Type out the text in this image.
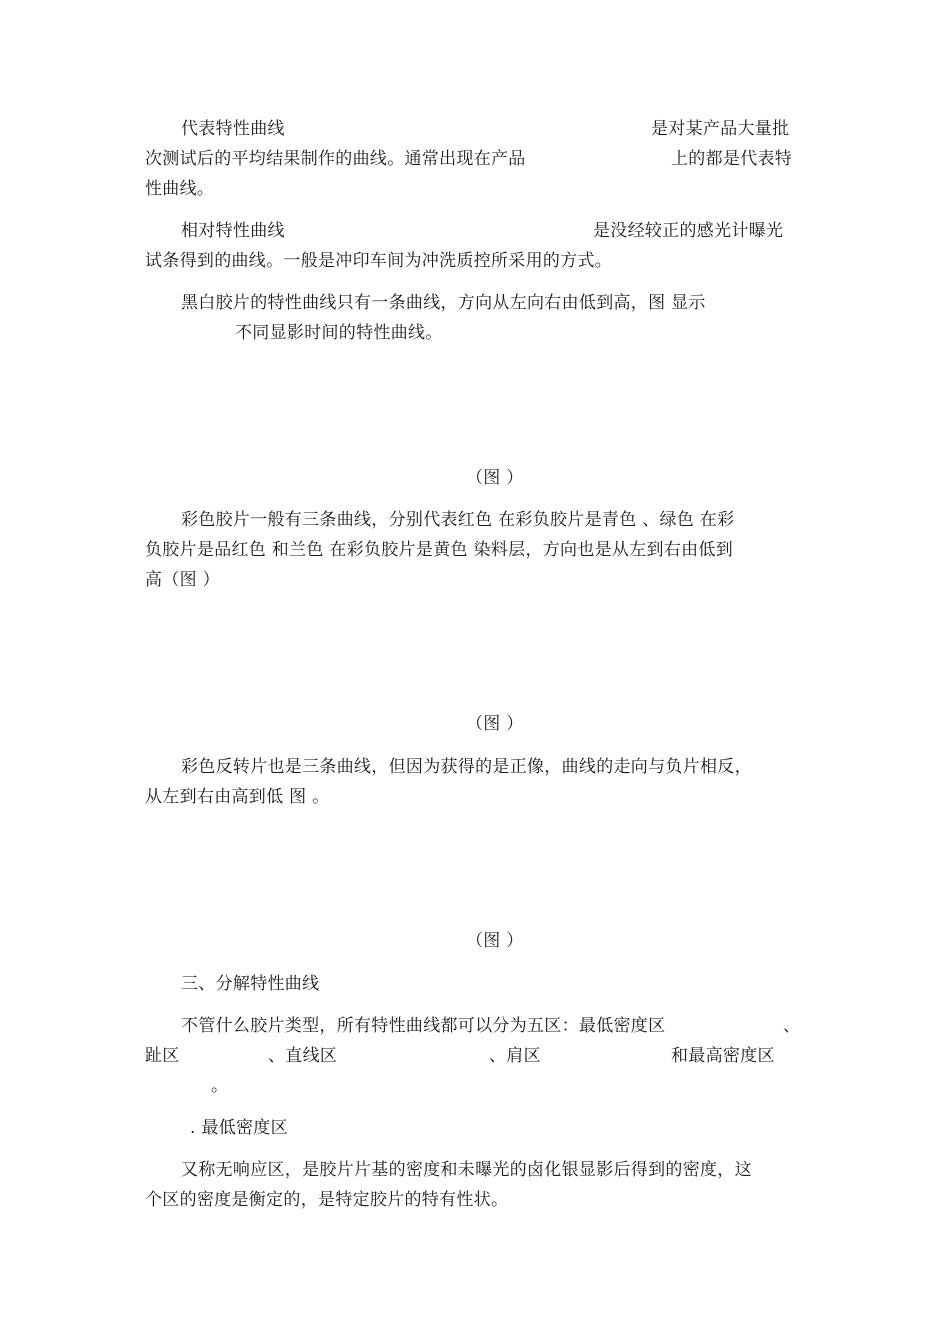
代表特性曲线	是对某产品大量批
次测试后的平均结果制作的曲线。通常出现在产品	上的都是代表特
性曲线。
相对特性曲线	是没经较正的感光计曝光
试条得到的曲线。一般是冲印车间为冲洗质控所采用的方式。
黑白胶片的特性曲线只有一条曲线，方向从左向右由低到高，图 显示
不同显影时间的特性曲线。
（图 ）
彩色胶片一般有三条曲线，分别代表红色 在彩负胶片是青色 、绿色 在彩
负胶片是品红色 和兰色 在彩负胶片是黄色 染料层，方向也是从左到右由低到
高（图 ）
（图 ）
彩色反转片也是三条曲线，但因为获得的是正像，曲线的走向与负片相反，
从左到右由高到低 图 。
（图 ）
三、分解特性曲线
不管什么胶片类型，所有特性曲线都可以分为五区：最低密度区	、
趾区	、直线区	、肩区	和最高密度区
。
. 最低密度区
又称无响应区，是胶片片基的密度和未曝光的卤化银显影后得到的密度，这
个区的密度是衡定的，是特定胶片的特有性状。
